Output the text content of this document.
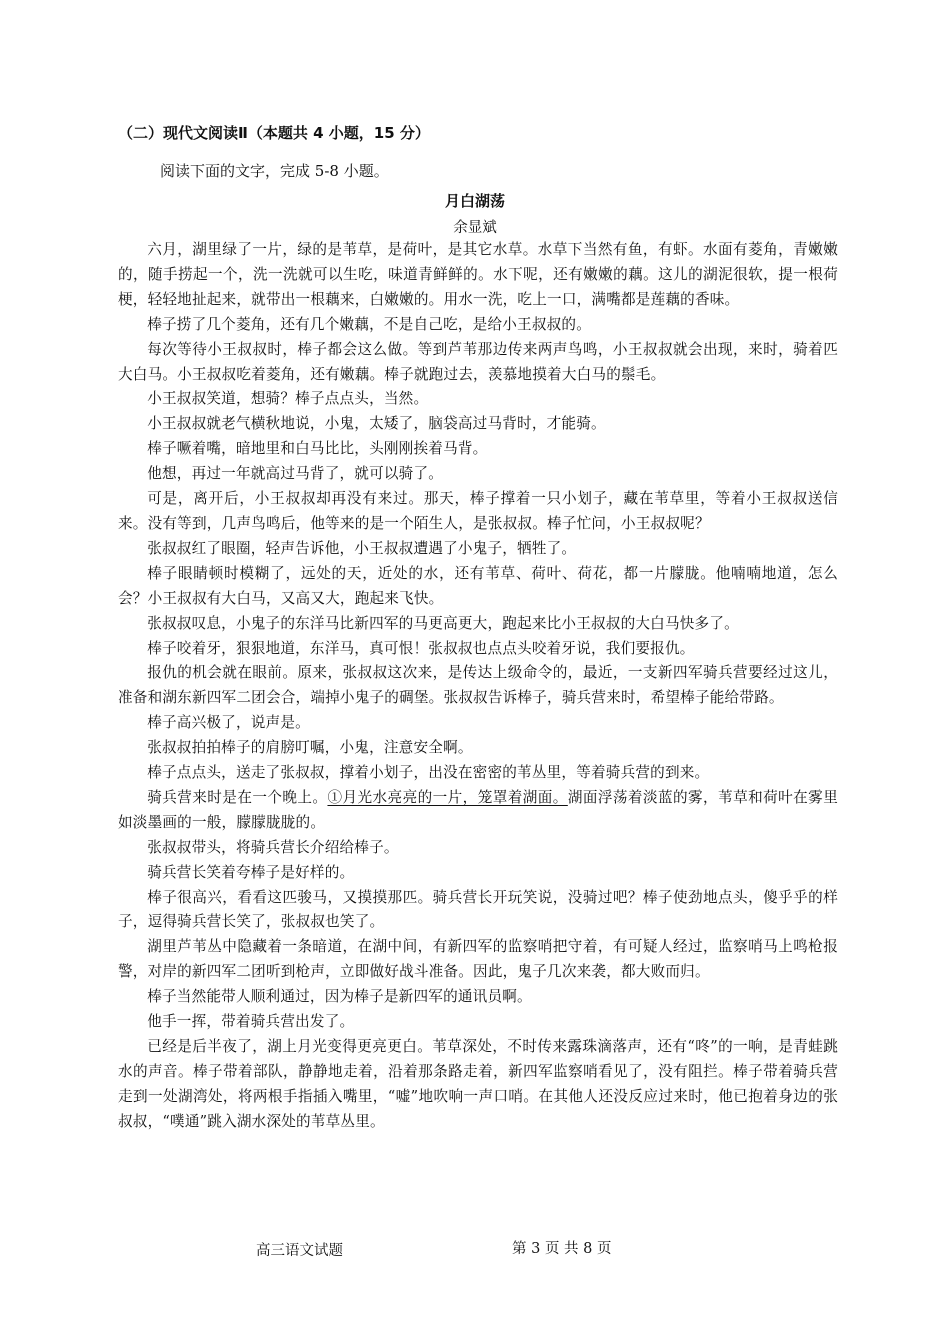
（二）现代文阅读Ⅱ（本题共 4 小题，15 分）
阅读下面的文字，完成 5-8 小题。
月白湖荡
余显斌

六月，湖里绿了一片，绿的是苇草，是荷叶，是其它水草。水草下当然有鱼，有虾。水面有菱角，青嫩嫩的，随手捞起一个，洗一洗就可以生吃，味道青鲜鲜的。水下呢，还有嫩嫩的藕。这儿的湖泥很软，提一根荷梗，轻轻地扯起来，就带出一根藕来，白嫩嫩的。用水一洗，吃上一口，满嘴都是莲藕的香味。

棒子捞了几个菱角，还有几个嫩藕，不是自己吃，是给小王叔叔的。

每次等待小王叔叔时，棒子都会这么做。等到芦苇那边传来两声鸟鸣，小王叔叔就会出现，来时，骑着匹大白马。小王叔叔吃着菱角，还有嫩藕。棒子就跑过去，羡慕地摸着大白马的鬃毛。

小王叔叔笑道，想骑？棒子点点头，当然。

小王叔叔就老气横秋地说，小鬼，太矮了，脑袋高过马背时，才能骑。

棒子噘着嘴，暗地里和白马比比，头刚刚挨着马背。

他想，再过一年就高过马背了，就可以骑了。

可是，离开后，小王叔叔却再没有来过。那天，棒子撑着一只小划子，藏在苇草里，等着小王叔叔送信来。没有等到，几声鸟鸣后，他等来的是一个陌生人，是张叔叔。棒子忙问，小王叔叔呢？

张叔叔红了眼圈，轻声告诉他，小王叔叔遭遇了小鬼子，牺牲了。

棒子眼睛顿时模糊了，远处的天，近处的水，还有苇草、荷叶、荷花，都一片朦胧。他喃喃地道，怎么会？小王叔叔有大白马，又高又大，跑起来飞快。

张叔叔叹息，小鬼子的东洋马比新四军的马更高更大，跑起来比小王叔叔的大白马快多了。

棒子咬着牙，狠狠地道，东洋马，真可恨！张叔叔也点点头咬着牙说，我们要报仇。

报仇的机会就在眼前。原来，张叔叔这次来，是传达上级命令的，最近，一支新四军骑兵营要经过这儿，准备和湖东新四军二团会合，端掉小鬼子的碉堡。张叔叔告诉棒子，骑兵营来时，希望棒子能给带路。

棒子高兴极了，说声是。

张叔叔拍拍棒子的肩膀叮嘱，小鬼，注意安全啊。

棒子点点头，送走了张叔叔，撑着小划子，出没在密密的苇丛里，等着骑兵营的到来。

骑兵营来时是在一个晚上。①月光水亮亮的一片，笼罩着湖面。湖面浮荡着淡蓝的雾，苇草和荷叶在雾里如淡墨画的一般，朦朦胧胧的。

张叔叔带头，将骑兵营长介绍给棒子。

骑兵营长笑着夸棒子是好样的。

棒子很高兴，看看这匹骏马，又摸摸那匹。骑兵营长开玩笑说，没骑过吧？棒子使劲地点头，傻乎乎的样子，逗得骑兵营长笑了，张叔叔也笑了。

湖里芦苇丛中隐藏着一条暗道，在湖中间，有新四军的监察哨把守着，有可疑人经过，监察哨马上鸣枪报警，对岸的新四军二团听到枪声，立即做好战斗准备。因此，鬼子几次来袭，都大败而归。

棒子当然能带人顺利通过，因为棒子是新四军的通讯员啊。

他手一挥，带着骑兵营出发了。

已经是后半夜了，湖上月光变得更亮更白。苇草深处，不时传来露珠滴落声，还有“咚”的一响，是青蛙跳水的声音。棒子带着部队，静静地走着，沿着那条路走着，新四军监察哨看见了，没有阻拦。棒子带着骑兵营走到一处湖湾处，将两根手指插入嘴里，“嘘”地吹响一声口哨。在其他人还没反应过来时，他已抱着身边的张叔叔，“噗通”跳入湖水深处的苇草丛里。

高三语文试题	第 3 页 共 8 页
